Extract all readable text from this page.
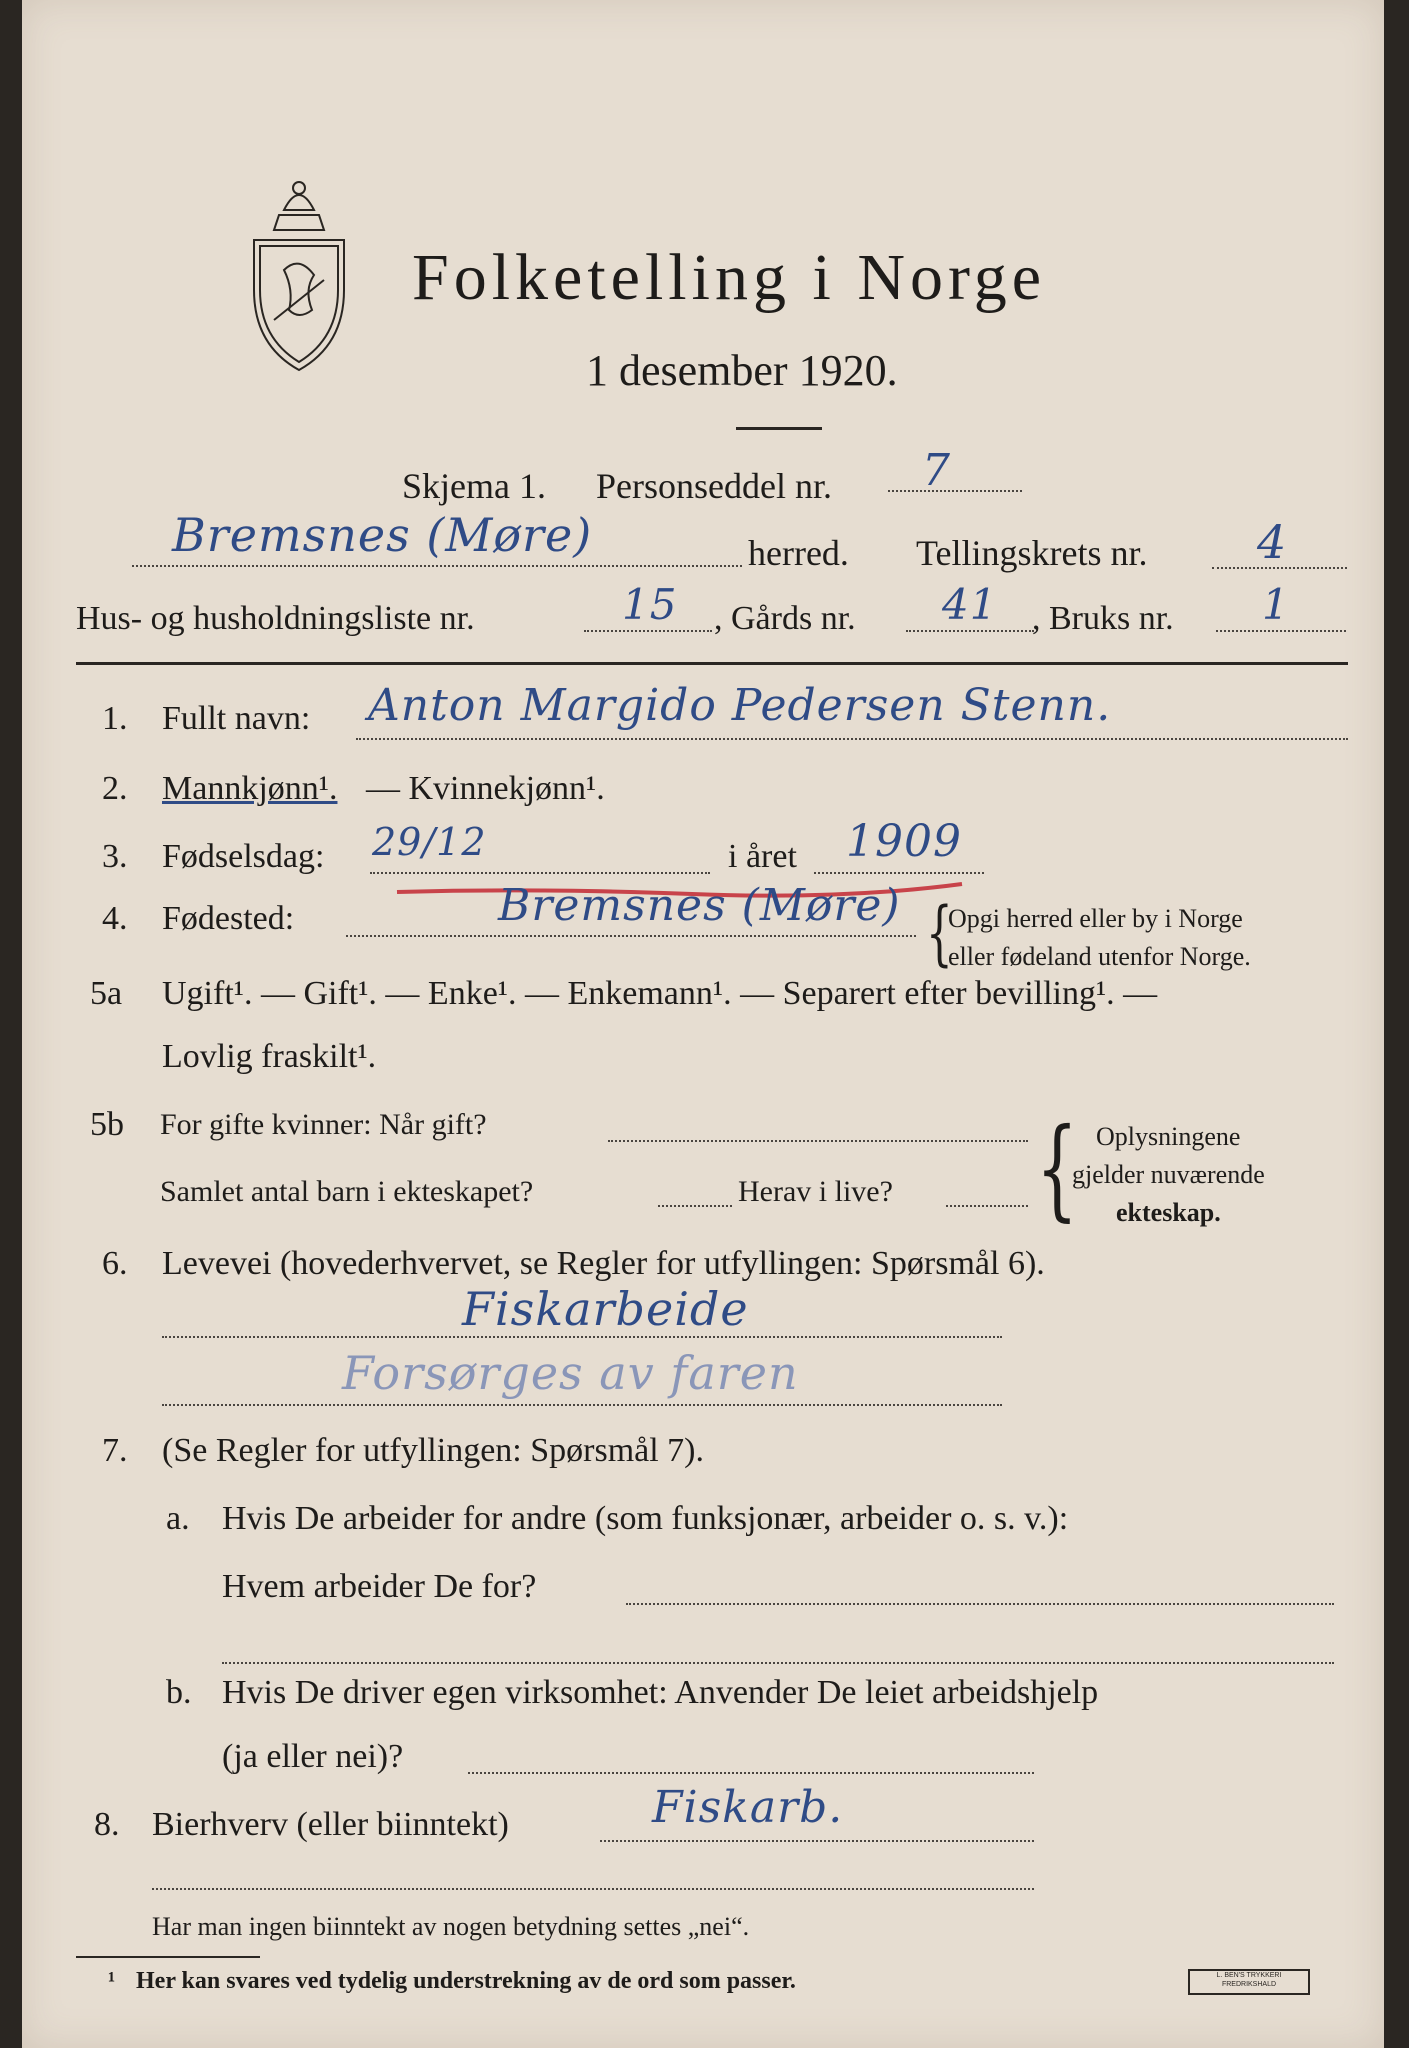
Folketelling i Norge
1 desember 1920.
Skjema 1. Personseddel nr. 7
Bremsnes (Møre)	herred. Tellingskrets nr. 4
Hus- og husholdningsliste nr.	15 , Gårds nr. 41 , Bruks nr. 1
1. Fullt navn: Anton Margido Pedersen Stenn.
2. Mannkjønn¹. — Kvinnekjønn¹.
3. Fødselsdag: 29/12	i året 1909
4. Fødested:	Bremsnes (Møre) {
Opgi herred eller by i Norge
eller fødeland utenfor Norge.
5a Ugift¹. — Gift¹. — Enke¹. — Enkemann¹. — Separert efter bevilling¹. —
Lovlig fraskilt¹.
5b For gifte kvinner: Når gift?
Samlet antal barn i ekteskapet?	Herav i live? { Oplysningene
gjelder nuværende
ekteskap.
6. Levevei (hovederhvervet, se Regler for utfyllingen: Spørsmål 6).
Fiskarbeide
Forsørges av faren
7. (Se Regler for utfyllingen: Spørsmål 7).
a. Hvis De arbeider for andre (som funksjonær, arbeider o. s. v.):
Hvem arbeider De for?
b. Hvis De driver egen virksomhet: Anvender De leiet arbeidshjelp
(ja eller nei)?
8. Bierhverv (eller biinntekt)	Fiskarb.
Har man ingen biinntekt av nogen betydning settes „nei“.
¹ Her kan svares ved tydelig understrekning av de ord som passer.	L. BEN'S TRYKKERI
FREDRIKSHALD
